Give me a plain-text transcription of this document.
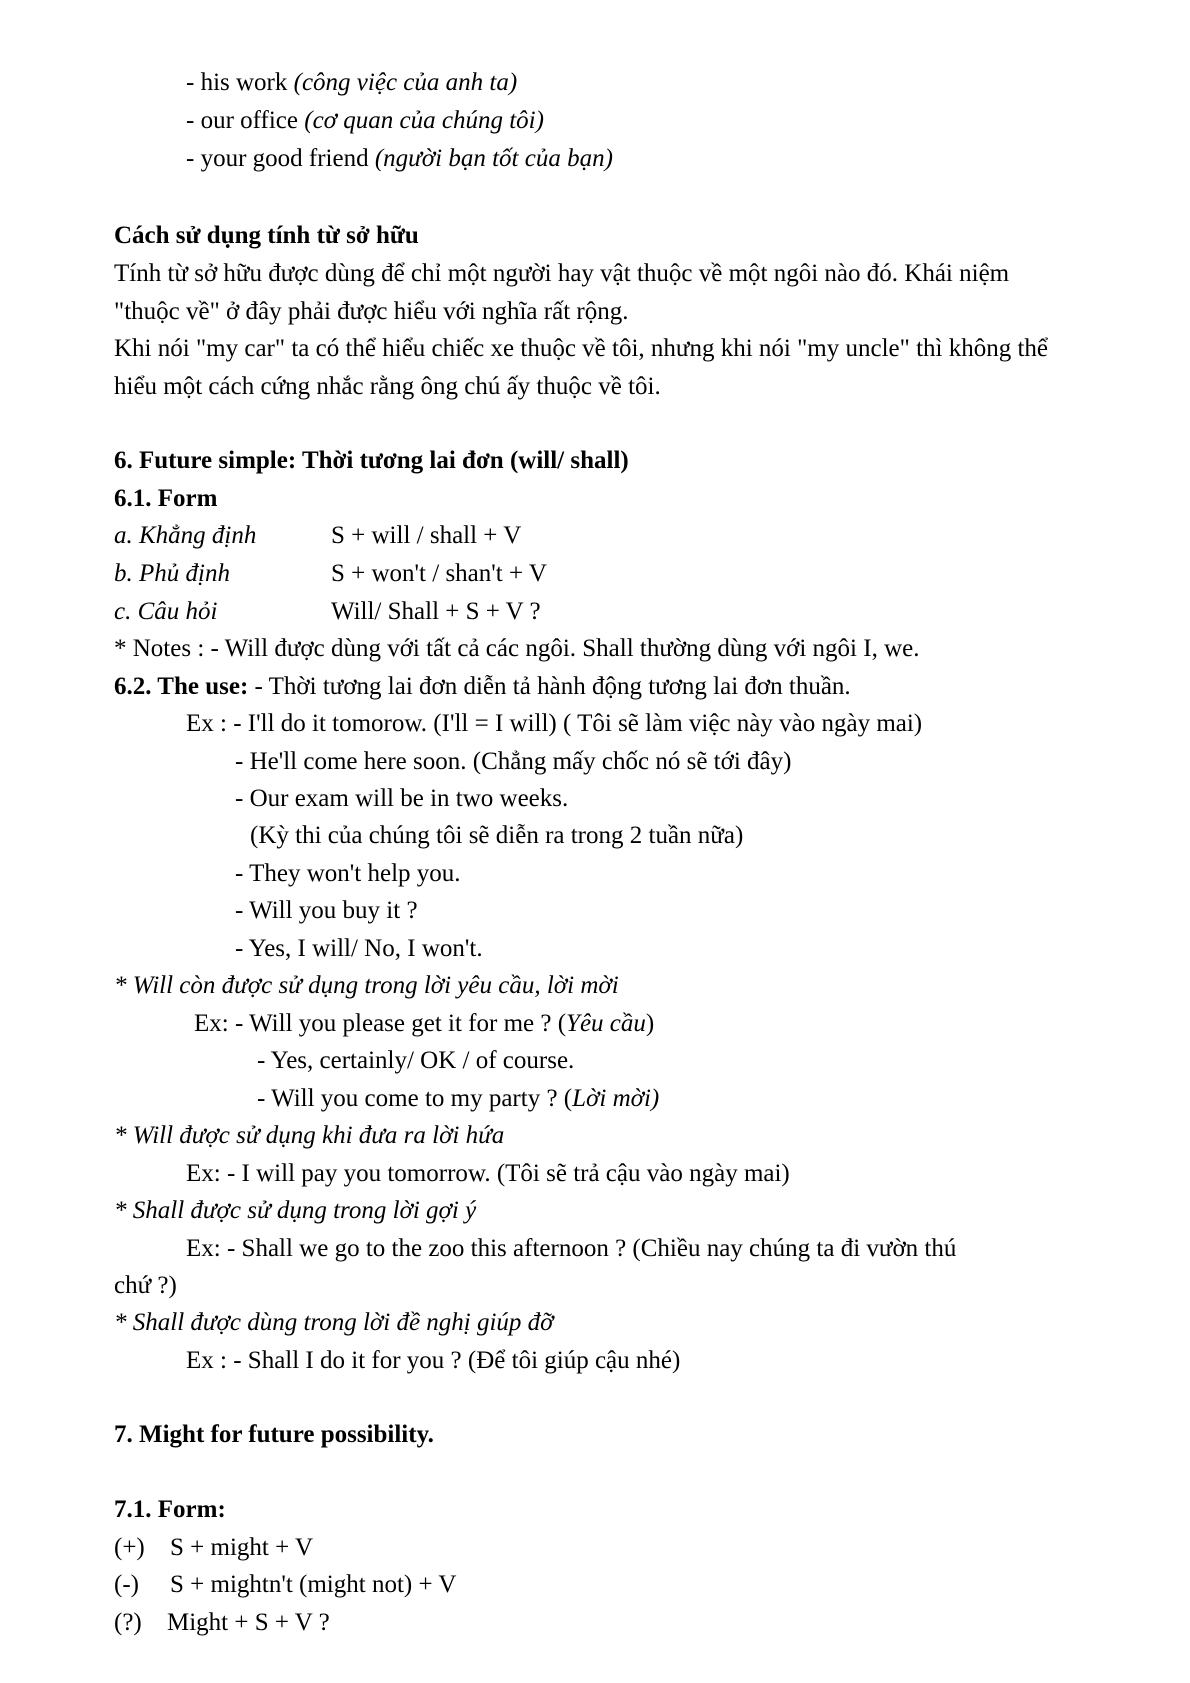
- his work (công việc của anh ta)
- our office (cơ quan của chúng tôi)
- your good friend (người bạn tốt của bạn)
Cách sử dụng tính từ sở hữu
Tính từ sở hữu được dùng để chỉ một người hay vật thuộc về một ngôi nào đó. Khái niệm "thuộc về" ở đây phải được hiểu với nghĩa rất rộng.
Khi nói "my car" ta có thể hiểu chiếc xe thuộc về tôi, nhưng khi nói "my uncle" thì không thể hiểu một cách cứng nhắc rằng ông chú ấy thuộc về tôi.
6. Future simple: Thời tương lai đơn (will/ shall)
6.1. Form
a. Khẳng định	S + will / shall + V
b. Phủ định	S + won't / shan't + V
c. Câu hỏi	Will/ Shall + S + V ?
* Notes : - Will được dùng với tất cả các ngôi. Shall thường dùng với ngôi I, we.
6.2. The use: - Thời tương lai đơn diễn tả hành động tương lai đơn thuần.
Ex : - I'll do it tomorow. (I'll = I will) ( Tôi sẽ làm việc này vào ngày mai)
- He'll come here soon. (Chẳng mấy chốc nó sẽ tới đây)
- Our exam will be in two weeks.
(Kỳ thi của chúng tôi sẽ diễn ra trong 2 tuần nữa)
- They won't help you.
- Will you buy it ?
- Yes, I will/ No, I won't.
* Will còn được sử dụng trong lời yêu cầu, lời mời
Ex: - Will you please get it for me ? (Yêu cầu)
- Yes, certainly/ OK / of course.
- Will you come to my party ? (Lời mời)
* Will được sử dụng khi đưa ra lời hứa
Ex: - I will pay you tomorrow. (Tôi sẽ trả cậu vào ngày mai)
* Shall được sử dụng trong lời gợi ý
Ex: - Shall we go to the zoo this afternoon ? (Chiều nay chúng ta đi vườn thú
chứ ?)
* Shall được dùng trong lời đề nghị giúp đỡ
Ex : - Shall I do it for you ? (Để tôi giúp cậu nhé)
7. Might for future possibility.
7.1. Form:
(+) S + might + V
(-) S + mightn't (might not) + V
(?) Might + S + V ?
